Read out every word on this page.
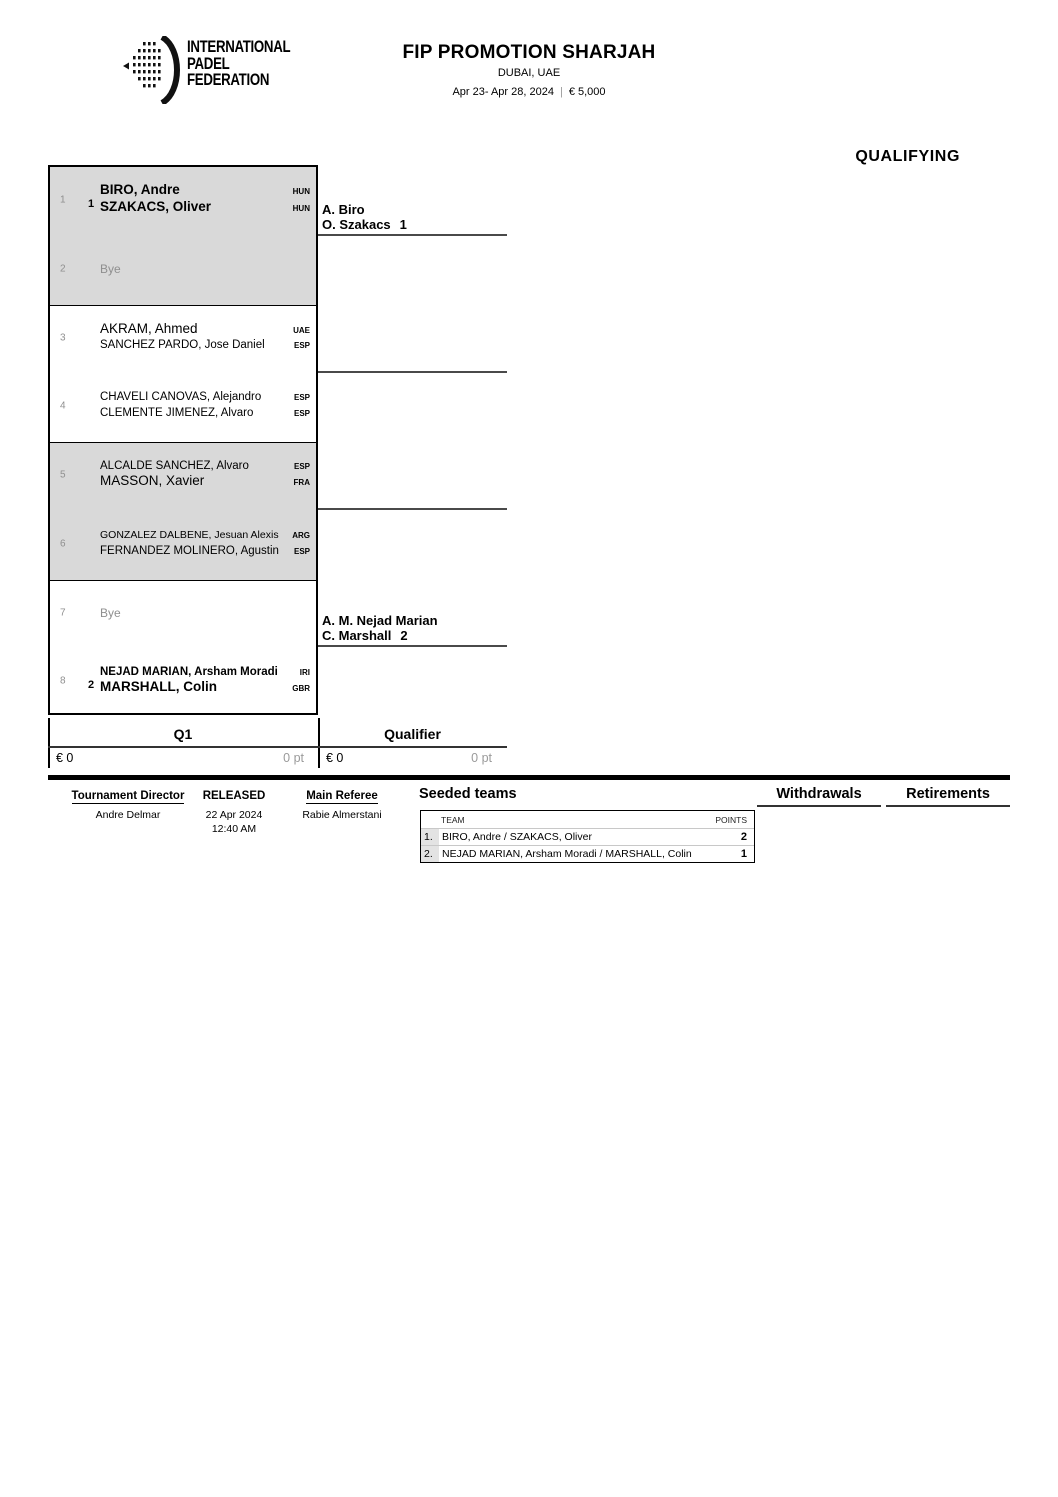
INTERNATIONAL
PADEL
FEDERATION
FIP PROMOTION SHARJAH
DUBAI, UAE
Apr 23- Apr 28, 2024 | € 5,000
QUALIFYING
1 1
BIRO, Andre	HUN
SZAKACS, Oliver	HUN
2	Bye
3
AKRAM, Ahmed	UAE
SANCHEZ PARDO, Jose Daniel	ESP
4
CHAVELI CANOVAS, Alejandro	ESP
CLEMENTE JIMENEZ, Alvaro	ESP
5
ALCALDE SANCHEZ, Alvaro	ESP
MASSON, Xavier	FRA
6
GONZALEZ DALBENE, Jesuan Alexis	ARG
FERNANDEZ MOLINERO, Agustin	ESP
7	Bye
8 2
NEJAD MARIAN, Arsham Moradi	IRI
MARSHALL, Colin	GBR
A. Biro
O. Szakacs 1
A. M. Nejad Marian
C. Marshall 2
Q1	Qualifier
€ 0	0 pt € 0	0 pt
Tournament Director
Andre Delmar
RELEASED
22 Apr 2024
12:40 AM
Main Referee
Rabie Almerstani
Seeded teams
TEAM	POINTS
1. BIRO, Andre / SZAKACS, Oliver	2
2. NEJAD MARIAN, Arsham Moradi / MARSHALL, Colin	1
Withdrawals	Retirements
